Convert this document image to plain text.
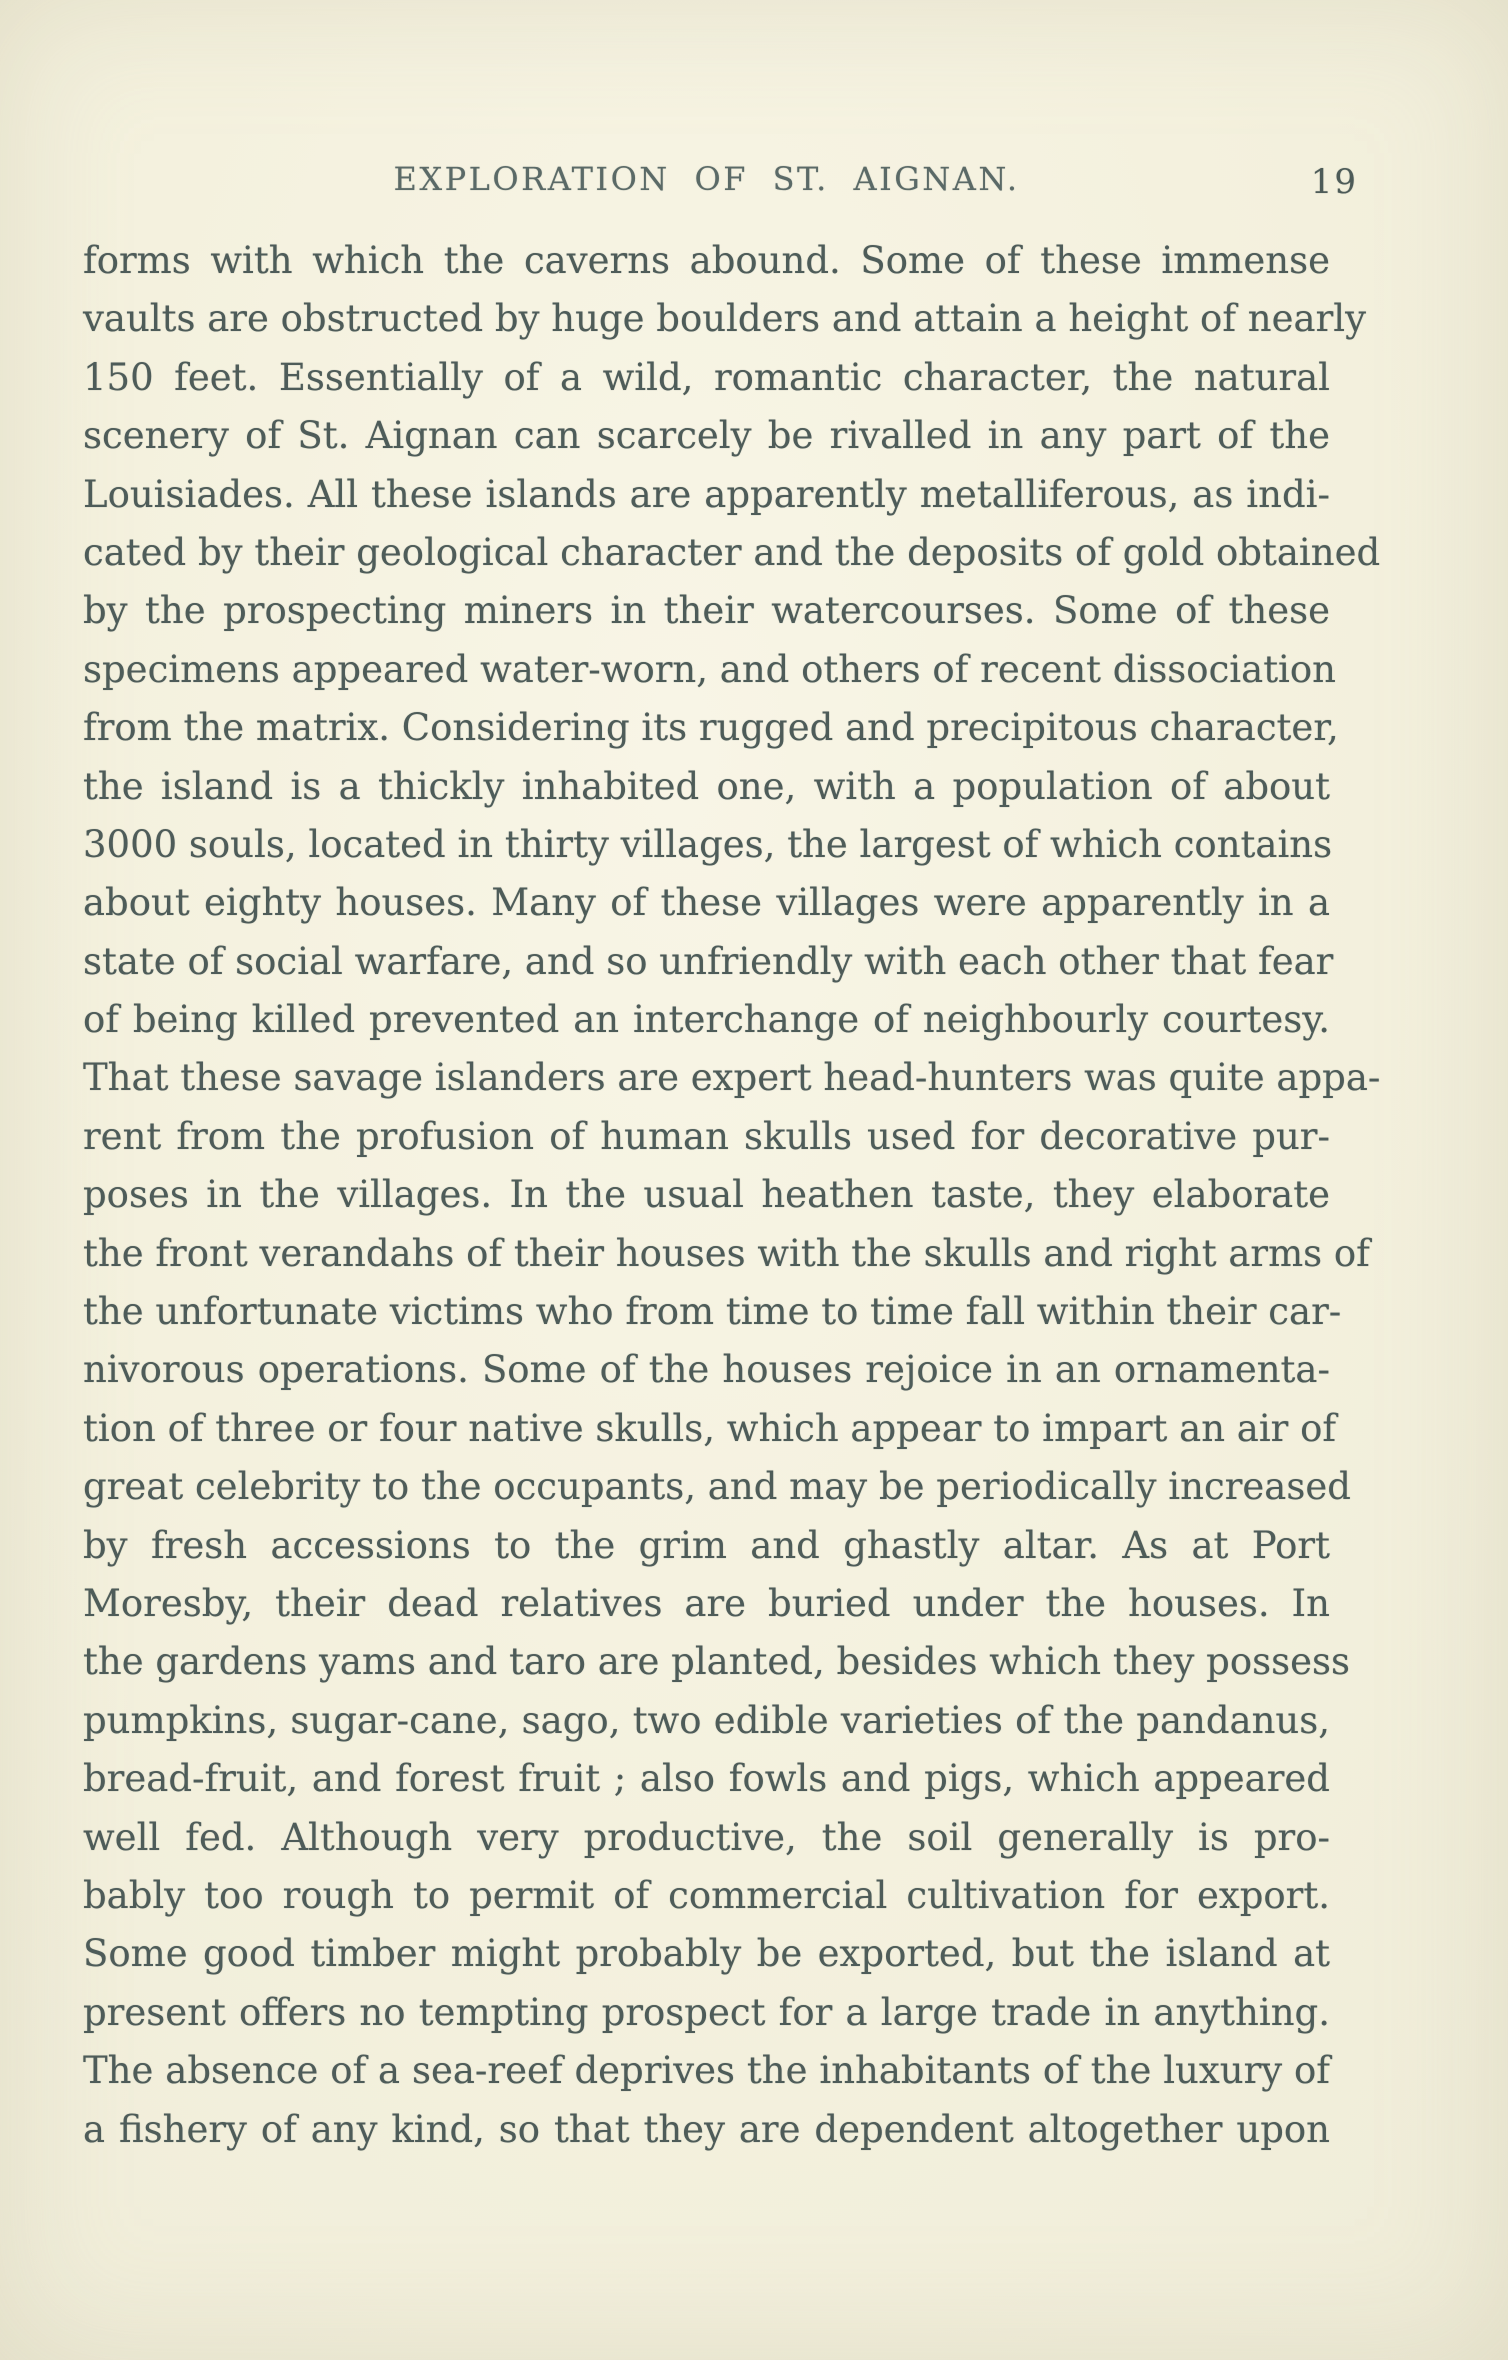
EXPLORATION OF ST. AIGNAN.	19
forms with which the caverns abound. Some of these immense
vaults are obstructed by huge boulders and attain a height of nearly
150 feet. Essentially of a wild, romantic character, the natural
scenery of St. Aignan can scarcely be rivalled in any part of the
Louisiades. All these islands are apparently metalliferous, as indi-
cated by their geological character and the deposits of gold obtained
by the prospecting miners in their watercourses. Some of these
specimens appeared water-worn, and others of recent dissociation
from the matrix. Considering its rugged and precipitous character,
the island is a thickly inhabited one, with a population of about
3000 souls, located in thirty villages, the largest of which contains
about eighty houses. Many of these villages were apparently in a
state of social warfare, and so unfriendly with each other that fear
of being killed prevented an interchange of neighbourly courtesy.
That these savage islanders are expert head-hunters was quite appa-
rent from the profusion of human skulls used for decorative pur-
poses in the villages. In the usual heathen taste, they elaborate
the front verandahs of their houses with the skulls and right arms of
the unfortunate victims who from time to time fall within their car-
nivorous operations. Some of the houses rejoice in an ornamenta-
tion of three or four native skulls, which appear to impart an air of
great celebrity to the occupants, and may be periodically increased
by fresh accessions to the grim and ghastly altar. As at Port
Moresby, their dead relatives are buried under the houses. In
the gardens yams and taro are planted, besides which they possess
pumpkins, sugar-cane, sago, two edible varieties of the pandanus,
bread-fruit, and forest fruit ; also fowls and pigs, which appeared
well fed. Although very productive, the soil generally is pro-
bably too rough to permit of commercial cultivation for export.
Some good timber might probably be exported, but the island at
present offers no tempting prospect for a large trade in anything.
The absence of a sea-reef deprives the inhabitants of the luxury of
a fishery of any kind, so that they are dependent altogether upon
